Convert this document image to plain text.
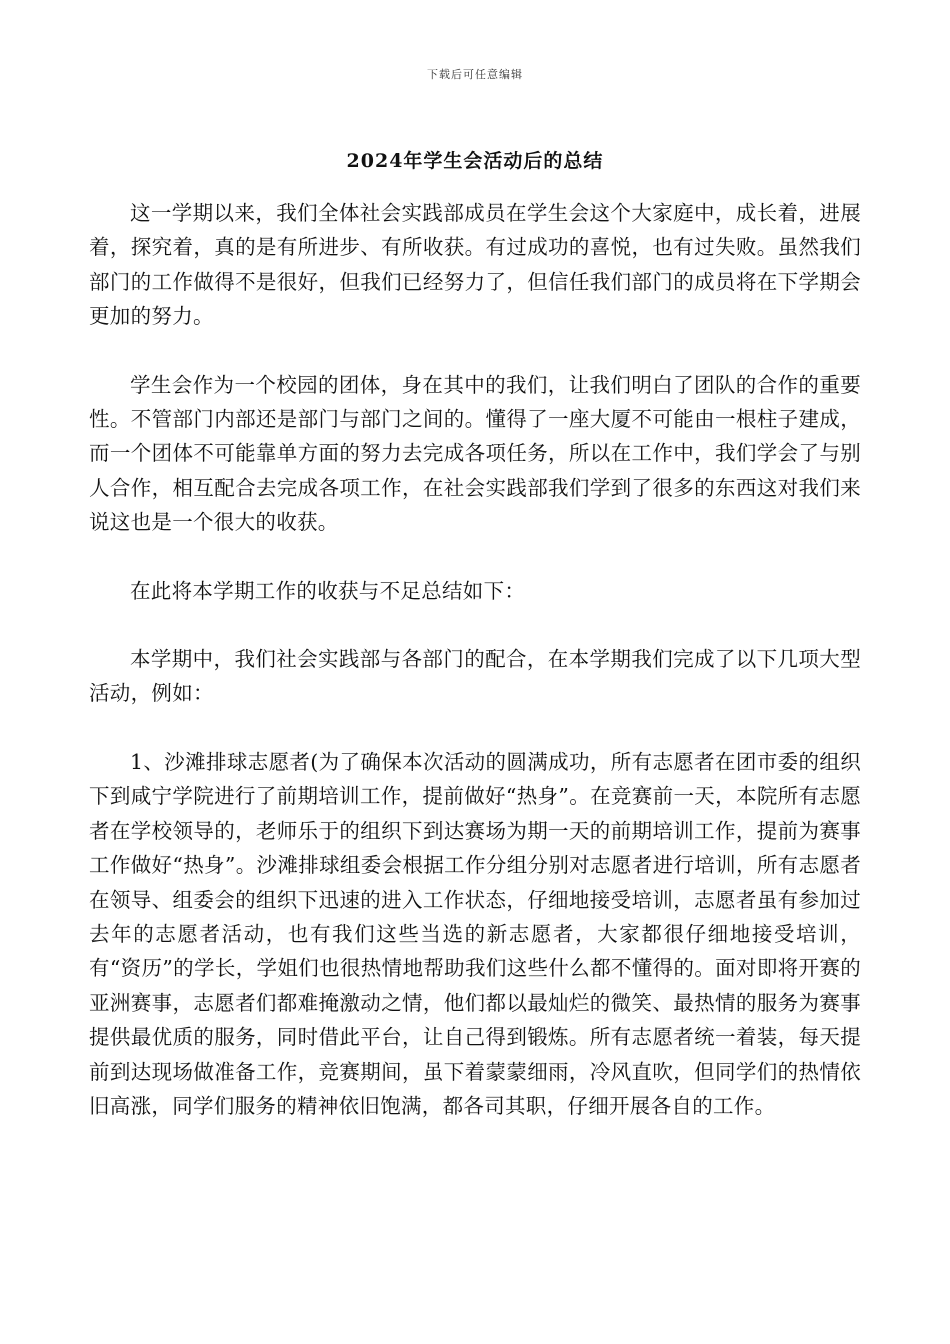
下载后可任意编辑
2024年学生会活动后的总结

这一学期以来，我们全体社会实践部成员在学生会这个大家庭中，成长着，进展着，探究着，真的是有所进步、有所收获。有过成功的喜悦，也有过失败。虽然我们部门的工作做得不是很好，但我们已经努力了，但信任我们部门的成员将在下学期会更加的努力。

学生会作为一个校园的团体，身在其中的我们，让我们明白了团队的合作的重要性。不管部门内部还是部门与部门之间的。懂得了一座大厦不可能由一根柱子建成，而一个团体不可能靠单方面的努力去完成各项任务，所以在工作中，我们学会了与别人合作，相互配合去完成各项工作，在社会实践部我们学到了很多的东西这对我们来说这也是一个很大的收获。

在此将本学期工作的收获与不足总结如下：

本学期中，我们社会实践部与各部门的配合，在本学期我们完成了以下几项大型活动，例如：

1、沙滩排球志愿者(为了确保本次活动的圆满成功，所有志愿者在团市委的组织下到咸宁学院进行了前期培训工作，提前做好“热身”。在竞赛前一天，本院所有志愿者在学校领导的，老师乐于的组织下到达赛场为期一天的前期培训工作，提前为赛事工作做好“热身”。沙滩排球组委会根据工作分组分别对志愿者进行培训，所有志愿者在领导、组委会的组织下迅速的进入工作状态，仔细地接受培训，志愿者虽有参加过去年的志愿者活动，也有我们这些当选的新志愿者，大家都很仔细地接受培训，有“资历”的学长，学姐们也很热情地帮助我们这些什么都不懂得的。面对即将开赛的亚洲赛事，志愿者们都难掩激动之情，他们都以最灿烂的微笑、最热情的服务为赛事提供最优质的服务，同时借此平台，让自己得到锻炼。所有志愿者统一着装，每天提前到达现场做准备工作，竞赛期间，虽下着蒙蒙细雨，冷风直吹，但同学们的热情依旧高涨，同学们服务的精神依旧饱满，都各司其职，仔细开展各自的工作。
